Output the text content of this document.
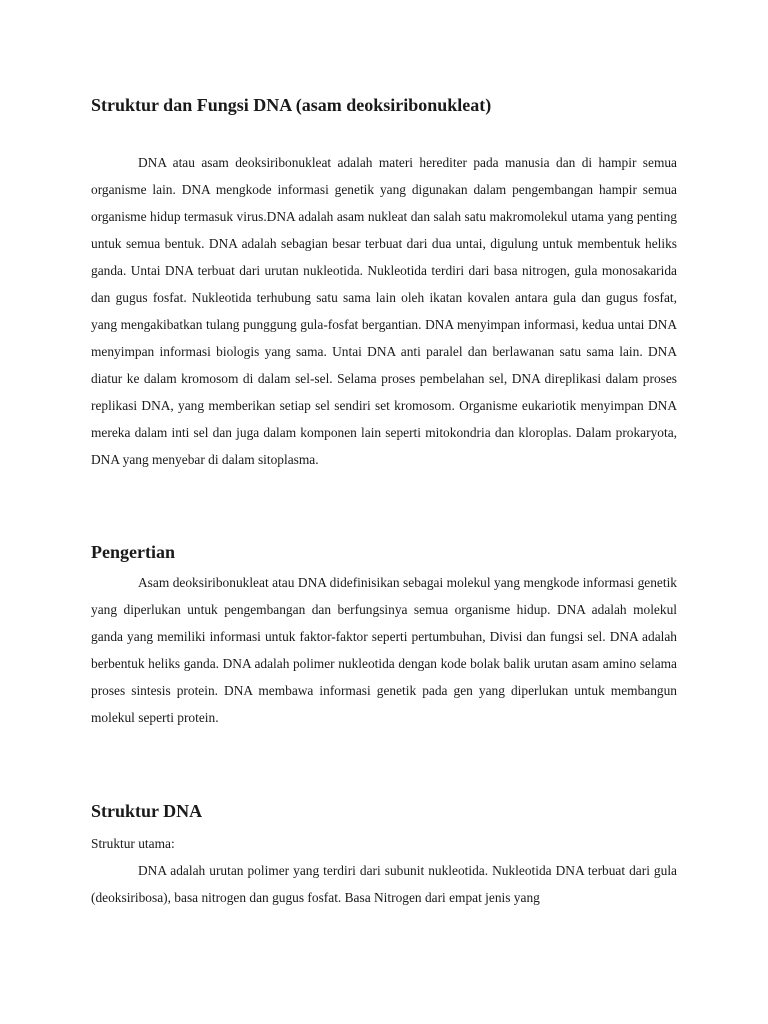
Struktur dan Fungsi DNA (asam deoksiribonukleat)

DNA atau asam deoksiribonukleat adalah materi herediter pada manusia dan di hampir semua organisme lain. DNA mengkode informasi genetik yang digunakan dalam pengembangan hampir semua organisme hidup termasuk virus.DNA adalah asam nukleat dan salah satu makromolekul utama yang penting untuk semua bentuk. DNA adalah sebagian besar terbuat dari dua untai, digulung untuk membentuk heliks ganda. Untai DNA terbuat dari urutan nukleotida. Nukleotida terdiri dari basa nitrogen, gula monosakarida dan gugus fosfat. Nukleotida terhubung satu sama lain oleh ikatan kovalen antara gula dan gugus fosfat, yang mengakibatkan tulang punggung gula-fosfat bergantian. DNA menyimpan informasi, kedua untai DNA menyimpan informasi biologis yang sama. Untai DNA anti paralel dan berlawanan satu sama lain. DNA diatur ke dalam kromosom di dalam sel-sel. Selama proses pembelahan sel, DNA direplikasi dalam proses replikasi DNA, yang memberikan setiap sel sendiri set kromosom. Organisme eukariotik menyimpan DNA mereka dalam inti sel dan juga dalam komponen lain seperti mitokondria dan kloroplas. Dalam prokaryota, DNA yang menyebar di dalam sitoplasma.

Pengertian

Asam deoksiribonukleat atau DNA didefinisikan sebagai molekul yang mengkode informasi genetik yang diperlukan untuk pengembangan dan berfungsinya semua organisme hidup. DNA adalah molekul ganda yang memiliki informasi untuk faktor-faktor seperti pertumbuhan, Divisi dan fungsi sel. DNA adalah berbentuk heliks ganda. DNA adalah polimer nukleotida dengan kode bolak balik urutan asam amino selama proses sintesis protein. DNA membawa informasi genetik pada gen yang diperlukan untuk membangun molekul seperti protein.

Struktur DNA

Struktur utama:

DNA adalah urutan polimer yang terdiri dari subunit nukleotida. Nukleotida DNA terbuat dari gula (deoksiribosa), basa nitrogen dan gugus fosfat. Basa Nitrogen dari empat jenis yang
